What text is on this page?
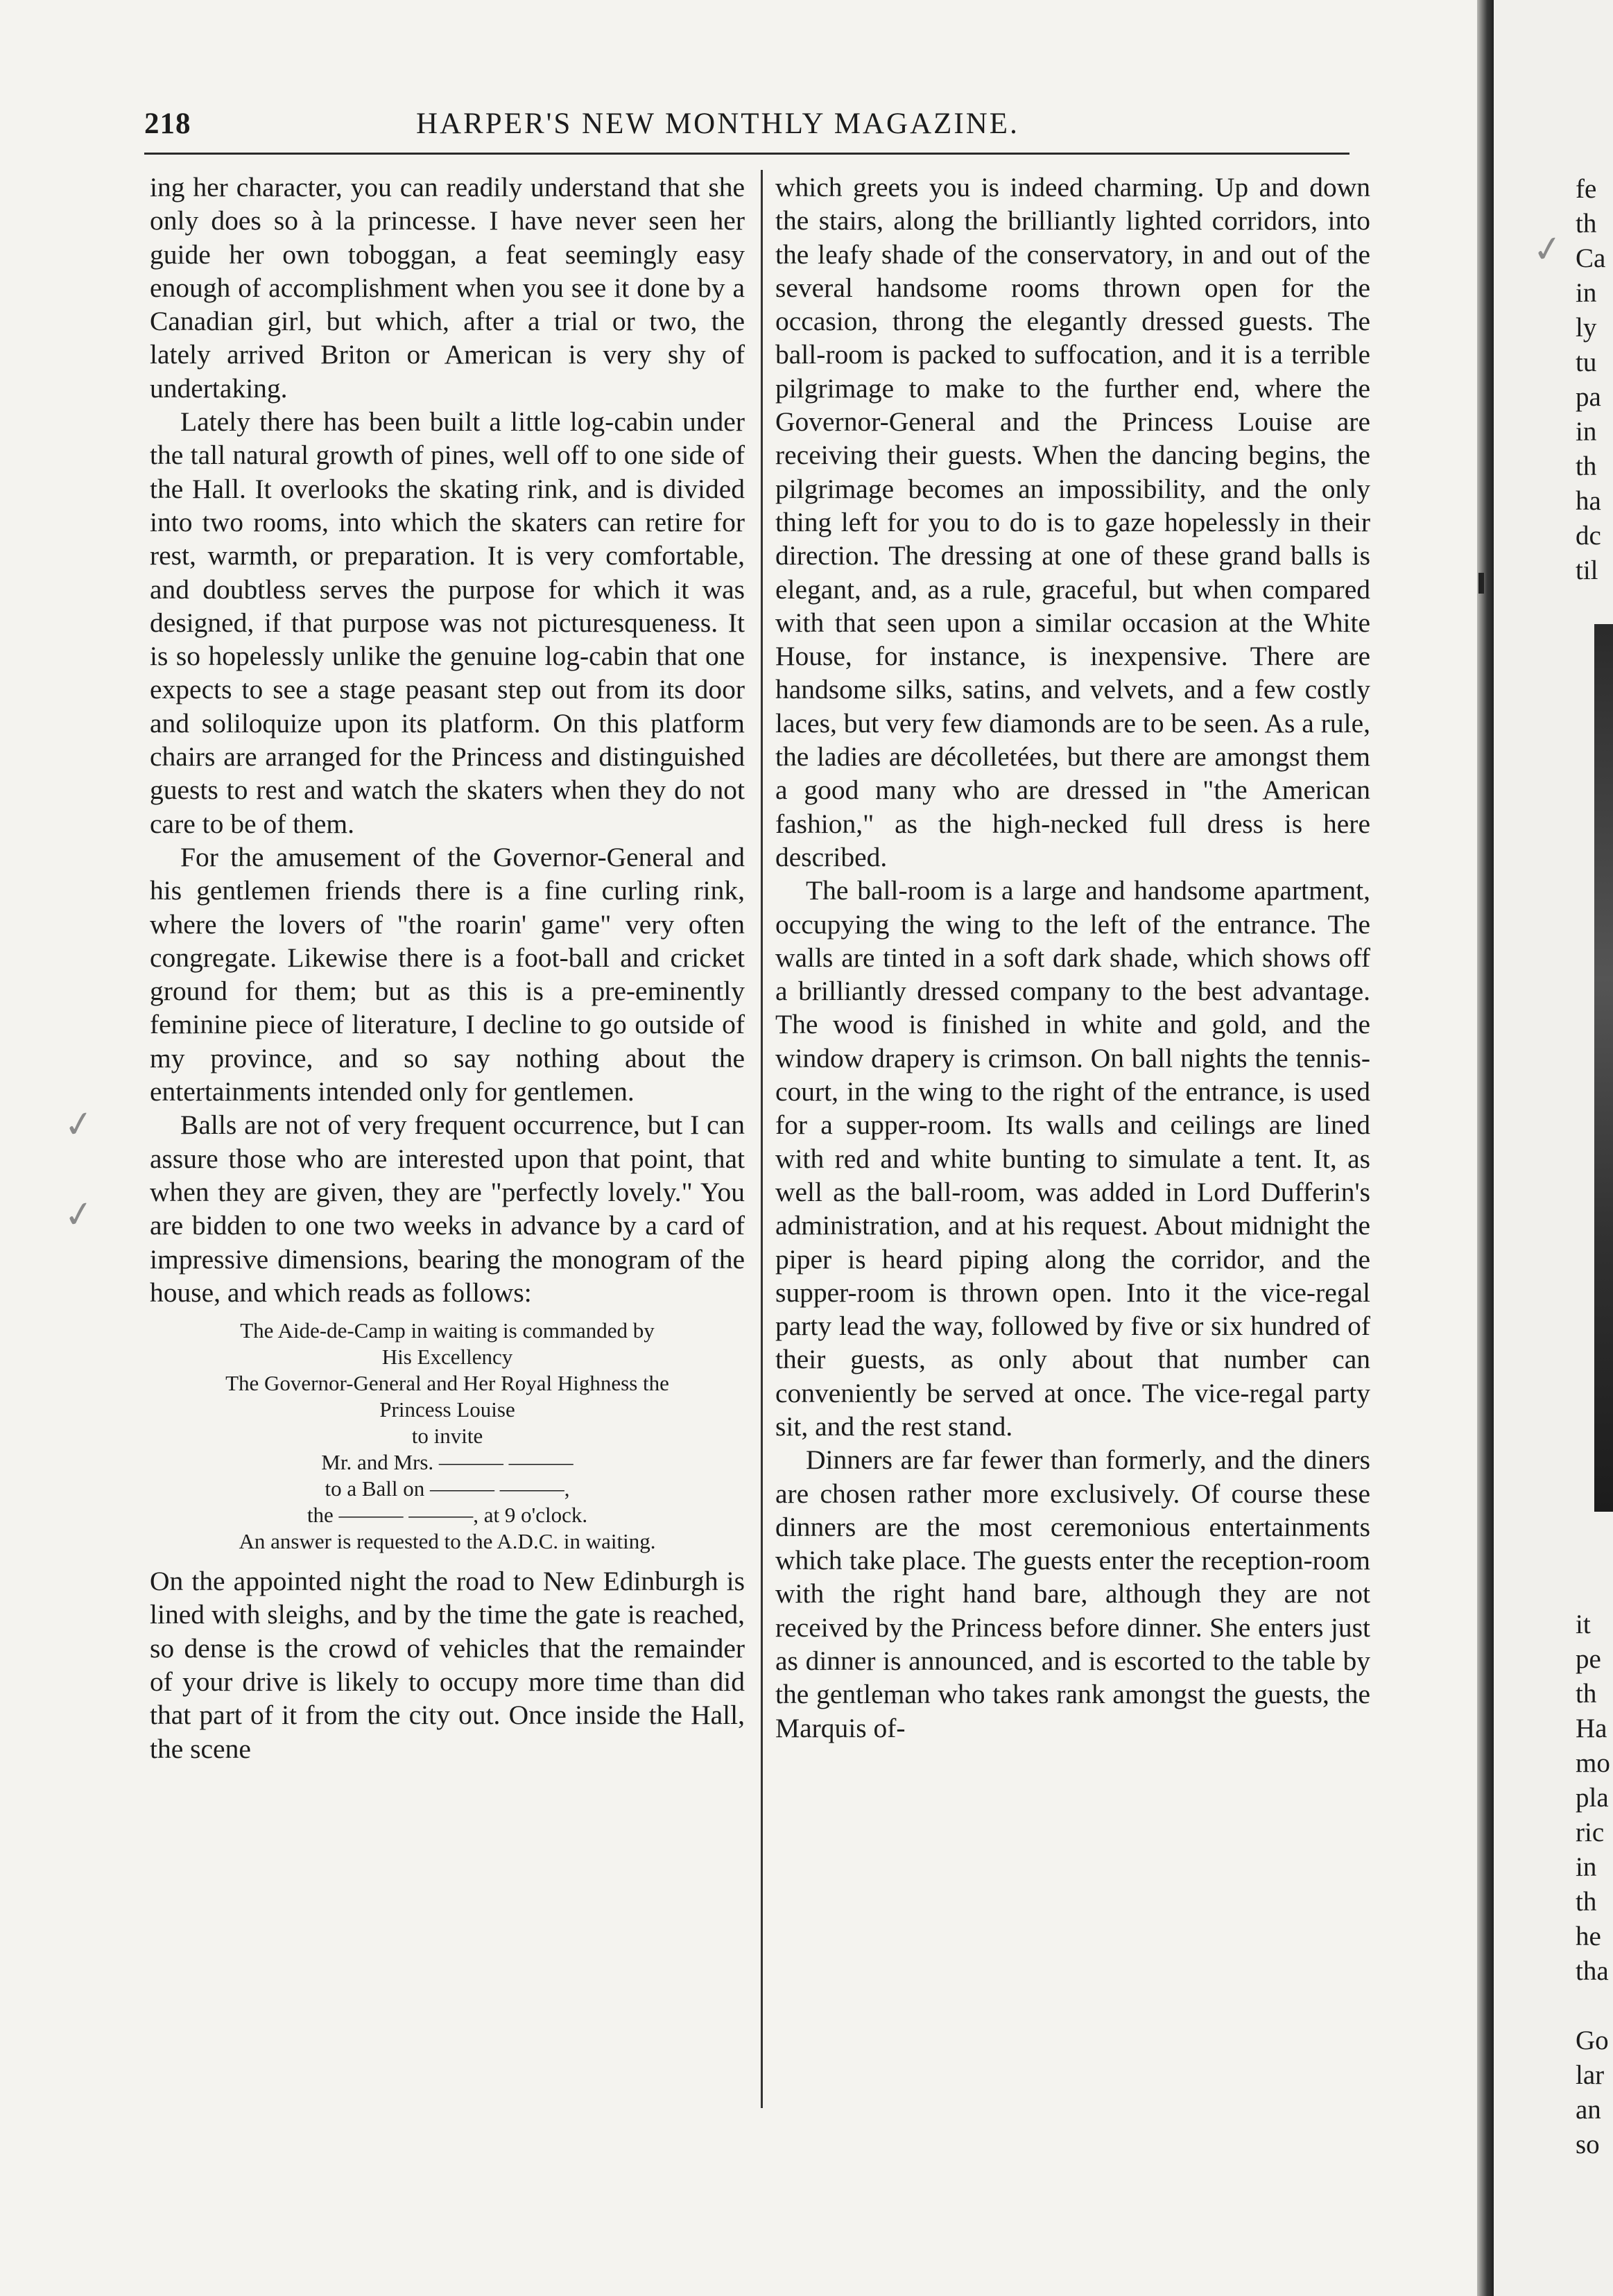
fe
th
Ca
in
ly
tu
pa
in
th
ha
dc
til
it
pe
th
Ha
mo
pla
ric
in
th
he
tha
Go
lar
an
so
218	HARPER'S NEW MONTHLY MAGAZINE.
✓
✓
✓

ing her character, you can readily understand that she only does so à la princesse. I have never seen her guide her own toboggan, a feat seemingly easy enough of accomplishment when you see it done by a Canadian girl, but which, after a trial or two, the lately arrived Briton or American is very shy of undertaking.

Lately there has been built a little log-cabin under the tall natural growth of pines, well off to one side of the Hall. It overlooks the skating rink, and is divided into two rooms, into which the skaters can retire for rest, warmth, or preparation. It is very comfortable, and doubtless serves the purpose for which it was designed, if that purpose was not picturesqueness. It is so hopelessly unlike the genuine log-cabin that one expects to see a stage peasant step out from its door and soliloquize upon its platform. On this platform chairs are arranged for the Princess and distinguished guests to rest and watch the skaters when they do not care to be of them.

For the amusement of the Governor-General and his gentlemen friends there is a fine curling rink, where the lovers of "the roarin' game" very often congregate. Likewise there is a foot-ball and cricket ground for them; but as this is a pre-eminently feminine piece of literature, I decline to go outside of my province, and so say nothing about the entertainments intended only for gentlemen.

Balls are not of very frequent occurrence, but I can assure those who are interested upon that point, that when they are given, they are "perfectly lovely." You are bidden to one two weeks in advance by a card of impressive dimensions, bearing the monogram of the house, and which reads as follows:

The Aide-de-Camp in waiting is commanded by
His Excellency
The Governor-General and Her Royal Highness the
Princess Louise
to invite
Mr. and Mrs. ——— ———
to a Ball on ——— ———,
the ——— ———, at 9 o'clock.
An answer is requested to the A.D.C. in waiting.

On the appointed night the road to New Edinburgh is lined with sleighs, and by the time the gate is reached, so dense is the crowd of vehicles that the remainder of your drive is likely to occupy more time than did that part of it from the city out. Once inside the Hall, the scene

which greets you is indeed charming. Up and down the stairs, along the brilliantly lighted corridors, into the leafy shade of the conservatory, in and out of the several handsome rooms thrown open for the occasion, throng the elegantly dressed guests. The ball-room is packed to suffocation, and it is a terrible pilgrimage to make to the further end, where the Governor-General and the Princess Louise are receiving their guests. When the dancing begins, the pilgrimage becomes an impossibility, and the only thing left for you to do is to gaze hopelessly in their direction. The dressing at one of these grand balls is elegant, and, as a rule, graceful, but when compared with that seen upon a similar occasion at the White House, for instance, is inexpensive. There are handsome silks, satins, and velvets, and a few costly laces, but very few diamonds are to be seen. As a rule, the ladies are décolletées, but there are amongst them a good many who are dressed in "the American fashion," as the high-necked full dress is here described.

The ball-room is a large and handsome apartment, occupying the wing to the left of the entrance. The walls are tinted in a soft dark shade, which shows off a brilliantly dressed company to the best advantage. The wood is finished in white and gold, and the window drapery is crimson. On ball nights the tennis-court, in the wing to the right of the entrance, is used for a supper-room. Its walls and ceilings are lined with red and white bunting to simulate a tent. It, as well as the ball-room, was added in Lord Dufferin's administration, and at his request. About midnight the piper is heard piping along the corridor, and the supper-room is thrown open. Into it the vice-regal party lead the way, followed by five or six hundred of their guests, as only about that number can conveniently be served at once. The vice-regal party sit, and the rest stand.

Dinners are far fewer than formerly, and the diners are chosen rather more exclusively. Of course these dinners are the most ceremonious entertainments which take place. The guests enter the reception-room with the right hand bare, although they are not received by the Princess before dinner. She enters just as dinner is announced, and is escorted to the table by the gentleman who takes rank amongst the guests, the Marquis of-
